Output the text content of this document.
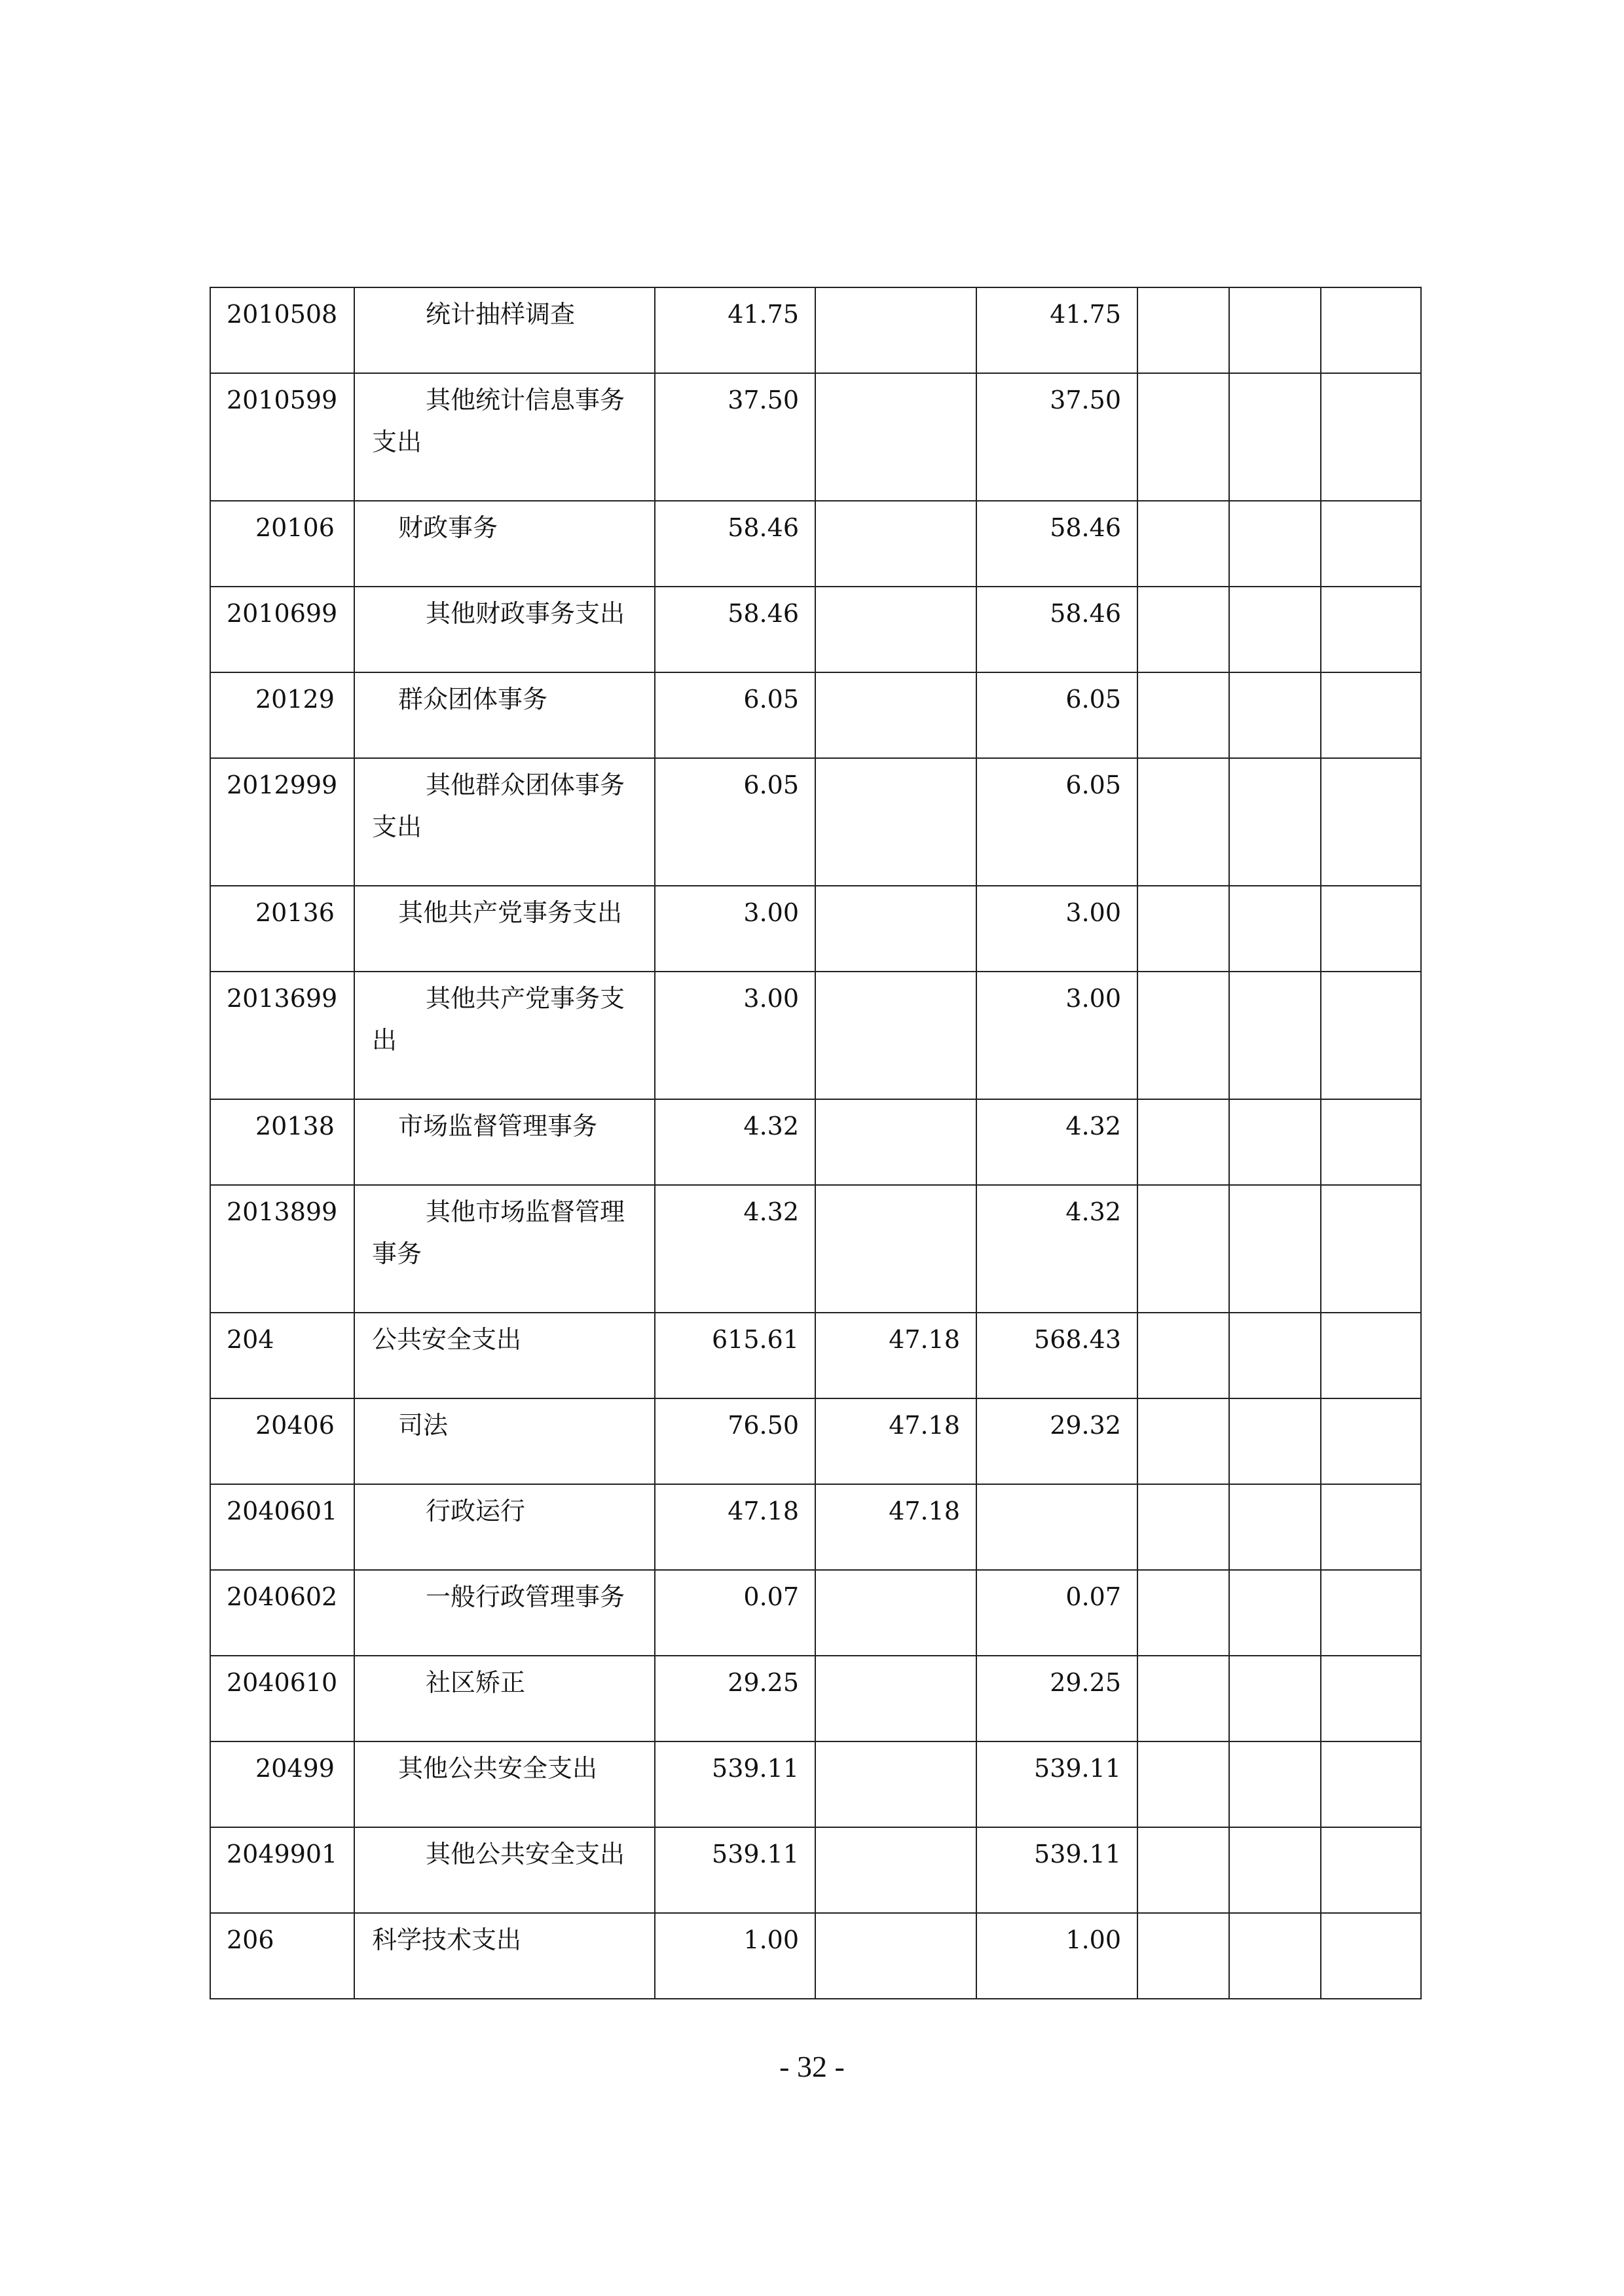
2010508	统计抽样调查	41.75		41.75			
2010599	其他统计信息事务支出	37.50		37.50			
20106	财政事务	58.46		58.46			
2010699	其他财政事务支出	58.46		58.46			
20129	群众团体事务	6.05		6.05			
2012999	其他群众团体事务支出	6.05		6.05			
20136	其他共产党事务支出	3.00		3.00			
2013699	其他共产党事务支出	3.00		3.00			
20138	市场监督管理事务	4.32		4.32			
2013899	其他市场监督管理事务	4.32		4.32			
204	公共安全支出	615.61	47.18	568.43			
20406	司法	76.50	47.18	29.32			
2040601	行政运行	47.18	47.18				
2040602	一般行政管理事务	0.07		0.07			
2040610	社区矫正	29.25		29.25			
20499	其他公共安全支出	539.11		539.11			
2049901	其他公共安全支出	539.11		539.11			
206	科学技术支出	1.00		1.00			
- 32 -
